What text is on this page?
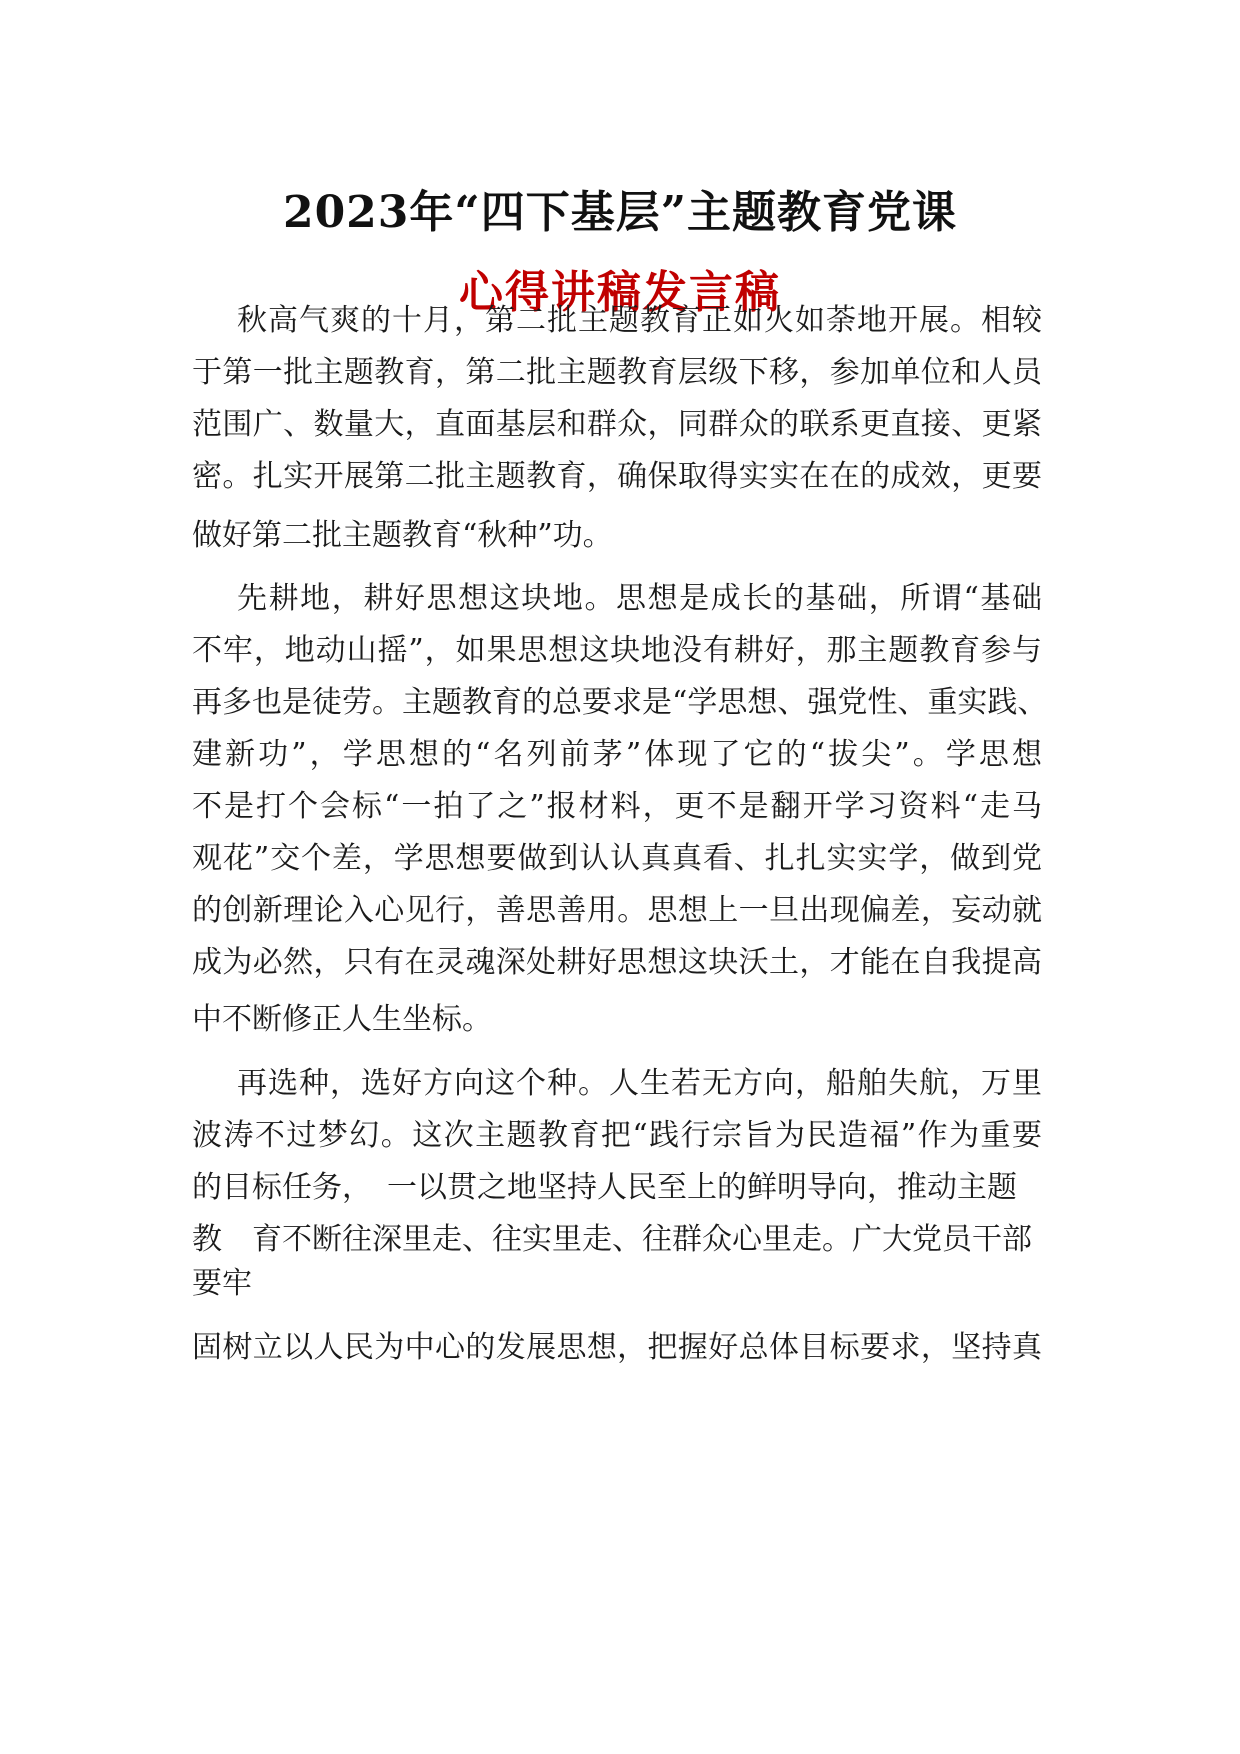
2023年“四下基层”主题教育党课
心得讲稿发言稿

秋高气爽的十月，第二批主题教育正如火如荼地开展。相较

于第一批主题教育，第二批主题教育层级下移，参加单位和人员

范围广、数量大，直面基层和群众，同群众的联系更直接、更紧

密。扎实开展第二批主题教育，确保取得实实在在的成效，更要

做好第二批主题教育“秋种”功。

先耕地，耕好思想这块地。思想是成长的基础，所谓“基础

不牢，地动山摇”，如果思想这块地没有耕好，那主题教育参与

再多也是徒劳。主题教育的总要求是“学思想、强党性、重实践、

建新功”，学思想的“名列前茅”体现了它的“拔尖”。学思想

不是打个会标“一拍了之”报材料，更不是翻开学习资料“走马

观花”交个差，学思想要做到认认真真看、扎扎实实学，做到党

的创新理论入心见行，善思善用。思想上一旦出现偏差，妄动就

成为必然，只有在灵魂深处耕好思想这块沃土，才能在自我提高

中不断修正人生坐标。

再选种，选好方向这个种。人生若无方向，船舶失航，万里

波涛不过梦幻。这次主题教育把“践行宗旨为民造福”作为重要

的目标任务，　一以贯之地坚持人民至上的鲜明导向，推动主题

教　育不断往深里走、往实里走、往群众心里走。广大党员干部

要牢

固树立以人民为中心的发展思想，把握好总体目标要求，坚持真
